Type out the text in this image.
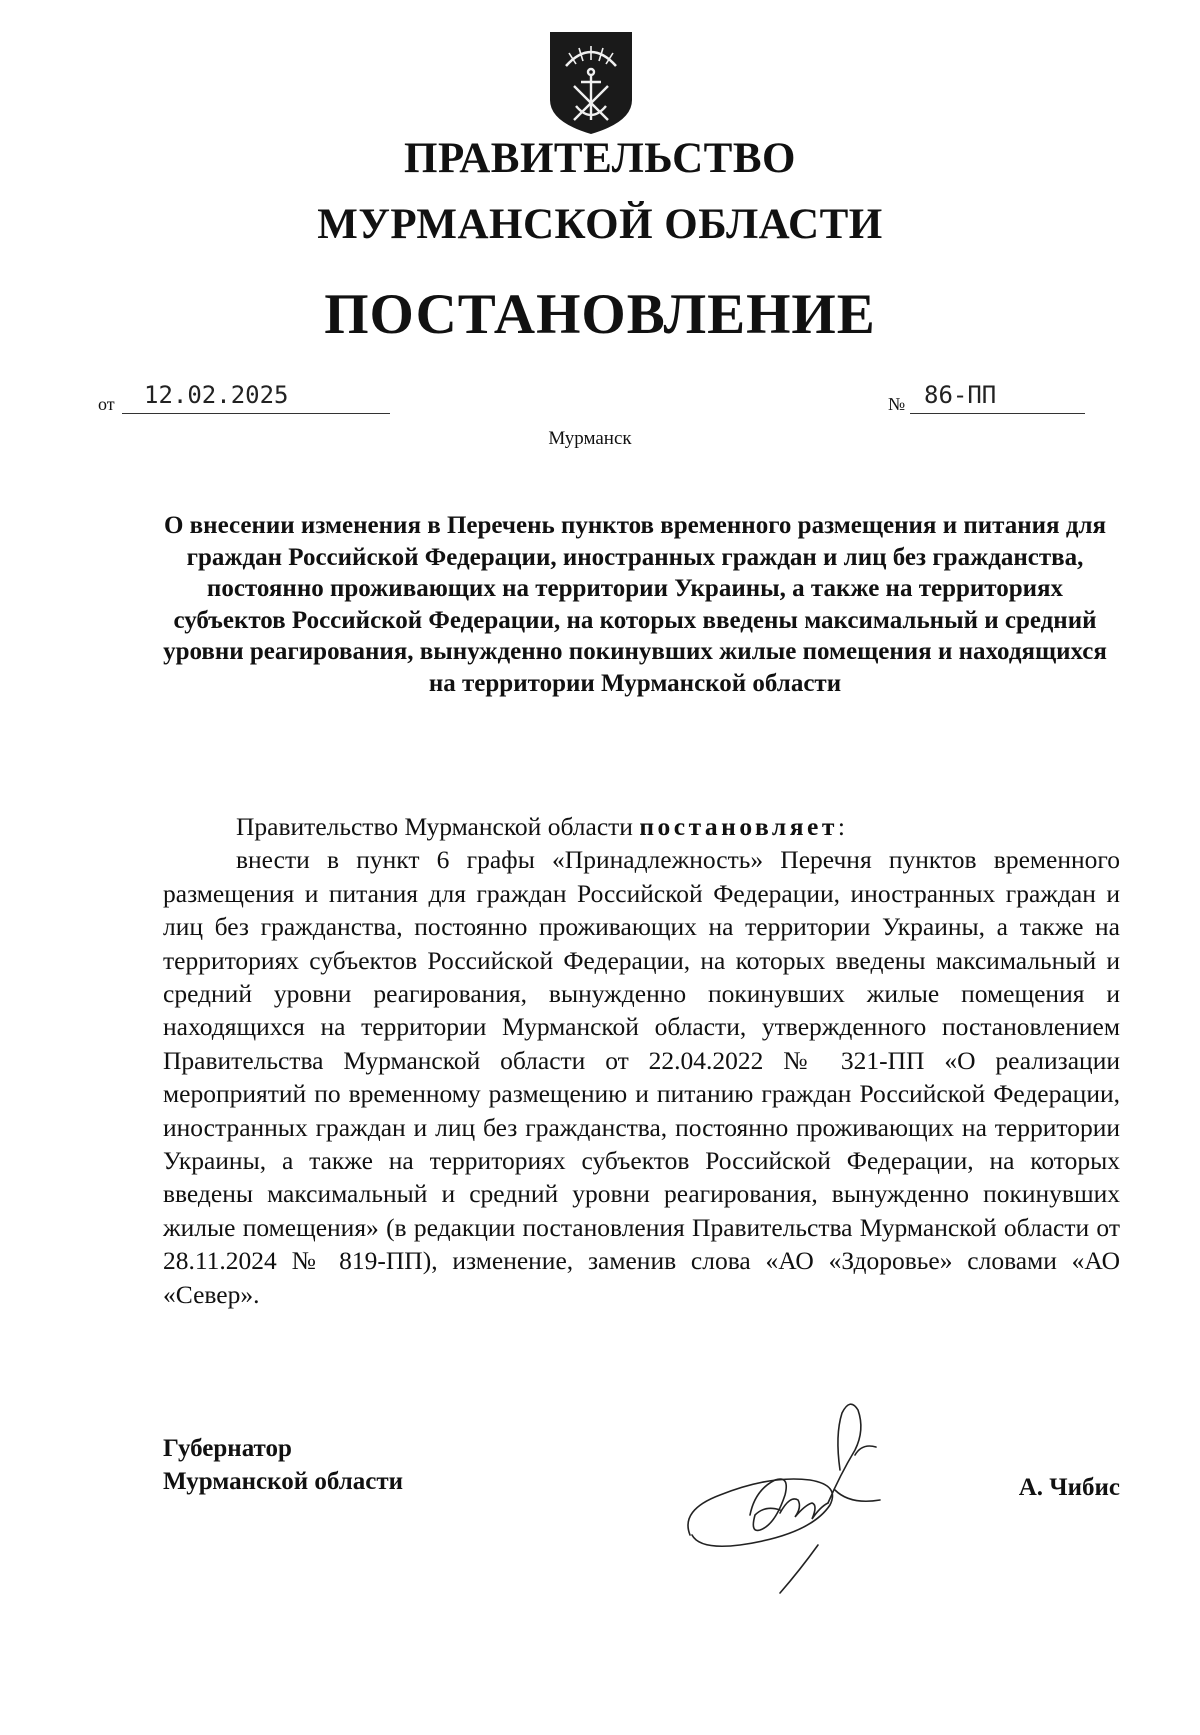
ПРАВИТЕЛЬСТВО
МУРМАНСКОЙ ОБЛАСТИ
ПОСТАНОВЛЕНИЕ
от	12.02.2025	№ 86-ПП
Мурманск
О внесении изменения в Перечень пунктов временного размещения и питания для граждан Российской Федерации, иностранных граждан и лиц без гражданства, постоянно проживающих на территории Украины, а также на территориях субъектов Российской Федерации, на которых введены максимальный и средний уровни реагирования, вынужденно покинувших жилые помещения и находящихся на территории Мурманской области

Правительство Мурманской области постановляет:

внести в пункт 6 графы «Принадлежность» Перечня пунктов временного размещения и питания для граждан Российской Федерации, иностранных граждан и лиц без гражданства, постоянно проживающих на территории Украины, а также на территориях субъектов Российской Федерации, на которых введены максимальный и средний уровни реагирования, вынужденно покинувших жилые помещения и находящихся на территории Мурманской области, утвержденного постановлением Правительства Мурманской области от 22.04.2022 № 321-ПП «О реализации мероприятий по временному размещению и питанию граждан Российской Федерации, иностранных граждан и лиц без гражданства, постоянно проживающих на территории Украины, а также на территориях субъектов Российской Федерации, на которых введены максимальный и средний уровни реагирования, вынужденно покинувших жилые помещения» (в редакции постановления Правительства Мурманской области от 28.11.2024 № 819-ПП), изменение, заменив слова «АО «Здоровье» словами «АО «Север».

Губернатор
Мурманской области	А. Чибис
